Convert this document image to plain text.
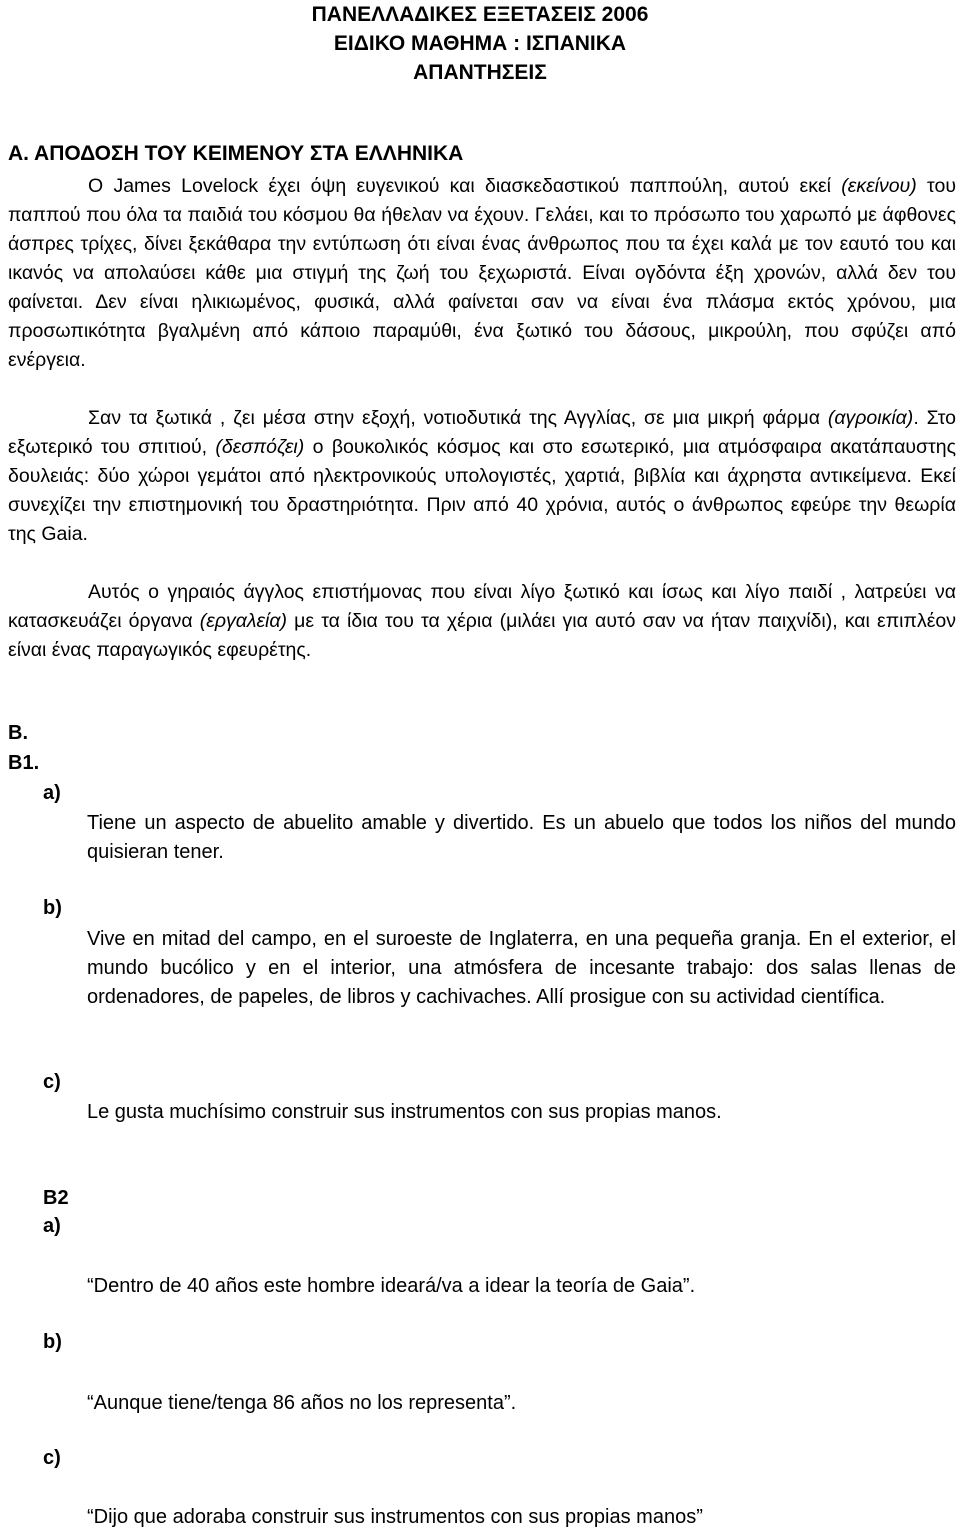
ΠΑΝΕΛΛΑΔΙΚΕΣ ΕΞΕΤΑΣΕΙΣ 2006
ΕΙΔΙΚΟ ΜΑΘΗΜΑ : ΙΣΠΑΝΙΚΑ
ΑΠΑΝΤΗΣΕΙΣ
Α. ΑΠΟΔΟΣΗ ΤΟΥ ΚΕΙΜΕΝΟΥ ΣΤΑ ΕΛΛΗΝΙΚΑ
Ο James Lovelock έχει όψη ευγενικού και διασκεδαστικού παππούλη, αυτού εκεί (εκείνου) του παππού που όλα τα παιδιά του κόσμου θα ήθελαν να έχουν. Γελάει, και το πρόσωπο του χαρωπό με άφθονες άσπρες τρίχες, δίνει ξεκάθαρα την εντύπωση ότι είναι ένας άνθρωπος που τα έχει καλά με τον εαυτό του και ικανός να απολαύσει κάθε μια στιγμή της ζωή του ξεχωριστά. Είναι ογδόντα έξη χρονών, αλλά δεν του φαίνεται. Δεν είναι ηλικιωμένος, φυσικά, αλλά φαίνεται σαν να είναι ένα πλάσμα εκτός χρόνου, μια προσωπικότητα βγαλμένη από κάποιο παραμύθι, ένα ξωτικό του δάσους, μικρούλη, που σφύζει από ενέργεια.
Σαν τα ξωτικά , ζει μέσα στην εξοχή, νοτιοδυτικά της Αγγλίας, σε μια μικρή φάρμα (αγροικία). Στο εξωτερικό του σπιτιού, (δεσπόζει) ο βουκολικός κόσμος και στο εσωτερικό, μια ατμόσφαιρα ακατάπαυστης δουλειάς: δύο χώροι γεμάτοι από ηλεκτρονικούς υπολογιστές, χαρτιά, βιβλία και άχρηστα αντικείμενα. Εκεί συνεχίζει την επιστημονική του δραστηριότητα. Πριν από 40 χρόνια, αυτός ο άνθρωπος εφεύρε την θεωρία της Gaia.
Αυτός ο γηραιός άγγλος επιστήμονας που είναι λίγο ξωτικό και ίσως και λίγο παιδί , λατρεύει να κατασκευάζει όργανα (εργαλεία) με τα ίδια του τα χέρια (μιλάει για αυτό σαν να ήταν παιχνίδι), και επιπλέον είναι ένας παραγωγικός εφευρέτης.
Β.
Β1.
a)
Tiene un aspecto de abuelito amable y divertido. Es un abuelo que todos los niños del mundo quisieran tener.
b)
Vive en mitad del campo, en el suroeste de Inglaterra, en una pequeña granja. En el exterior, el mundo bucólico y en el interior, una atmósfera de incesante trabajo: dos salas llenas de ordenadores, de papeles, de libros y cachivaches. Allí prosigue con su actividad científica.
c)
Le gusta muchísimo construir sus instrumentos con sus propias manos.
Β2
a)
“Dentro de 40 años este hombre ideará/va a idear la teoría de Gaia”.
b)
“Aunque tiene/tenga 86 años no los representa”.
c)
“Dijo que adoraba construir sus instrumentos con sus propias manos”
